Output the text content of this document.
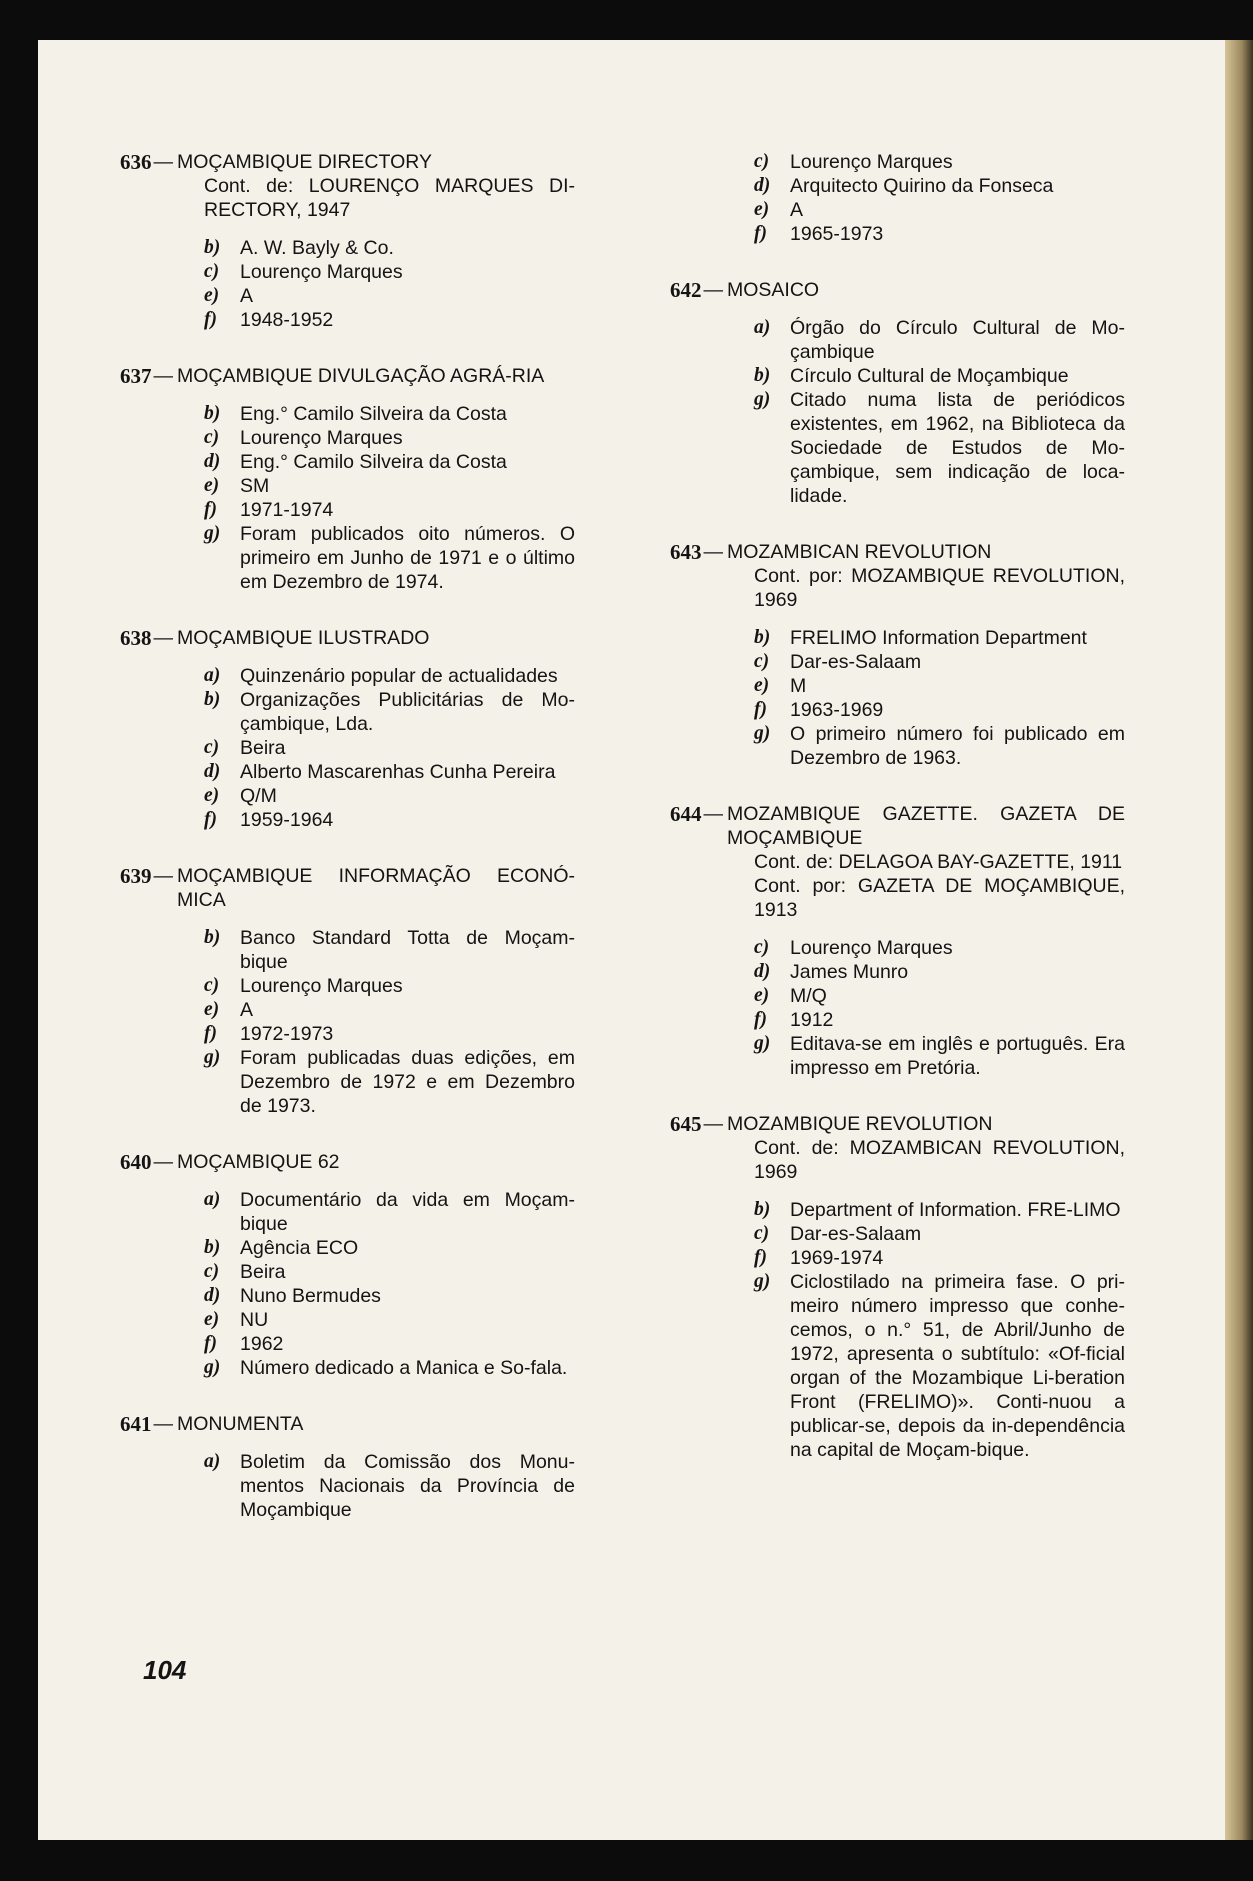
636 — MOÇAMBIQUE DIRECTORY
Cont. de: LOURENÇO MARQUES DI-RECTORY, 1947
b)	A. W. Bayly & Co.
c)	Lourenço Marques
e)	A
f)	1948-1952
637 — MOÇAMBIQUE DIVULGAÇÃO AGRÁ-RIA
b)	Eng.° Camilo Silveira da Costa
c)	Lourenço Marques
d)	Eng.° Camilo Silveira da Costa
e)	SM
f)	1971-1974
g)	Foram publicados oito números. O primeiro em Junho de 1971 e o último em Dezembro de 1974.
638 — MOÇAMBIQUE ILUSTRADO
a)	Quinzenário popular de actualidades
b)	Organizações Publicitárias de Mo-çambique, Lda.
c)	Beira
d)	Alberto Mascarenhas Cunha Pereira
e)	Q/M
f)	1959-1964
639 — MOÇAMBIQUE INFORMAÇÃO ECONÓ-MICA
b)	Banco Standard Totta de Moçam-bique
c)	Lourenço Marques
e)	A
f)	1972-1973
g)	Foram publicadas duas edições, em Dezembro de 1972 e em Dezembro de 1973.
640 — MOÇAMBIQUE 62
a)	Documentário da vida em Moçam-bique
b)	Agência ECO
c)	Beira
d)	Nuno Bermudes
e)	NU
f)	1962
g)	Número dedicado a Manica e So-fala.
641 — MONUMENTA
a)	Boletim da Comissão dos Monu-mentos Nacionais da Província de Moçambique
c)	Lourenço Marques
d)	Arquitecto Quirino da Fonseca
e)	A
f)	1965-1973
642 — MOSAICO
a)	Órgão do Círculo Cultural de Mo-çambique
b)	Círculo Cultural de Moçambique
g)	Citado numa lista de periódicos existentes, em 1962, na Biblioteca da Sociedade de Estudos de Mo-çambique, sem indicação de loca-lidade.
643 — MOZAMBICAN REVOLUTION
Cont. por: MOZAMBIQUE REVOLUTION, 1969
b)	FRELIMO Information Department
c)	Dar-es-Salaam
e)	M
f)	1963-1969
g)	O primeiro número foi publicado em Dezembro de 1963.
644 — MOZAMBIQUE GAZETTE. GAZETA DE MOÇAMBIQUE
Cont. de: DELAGOA BAY-GAZETTE, 1911
Cont. por: GAZETA DE MOÇAMBIQUE, 1913
c)	Lourenço Marques
d)	James Munro
e)	M/Q
f)	1912
g)	Editava-se em inglês e português. Era impresso em Pretória.
645 — MOZAMBIQUE REVOLUTION
Cont. de: MOZAMBICAN REVOLUTION, 1969
b)	Department of Information. FRE-LIMO
c)	Dar-es-Salaam
f)	1969-1974
g)	Ciclostilado na primeira fase. O pri-meiro número impresso que conhe-cemos, o n.° 51, de Abril/Junho de 1972, apresenta o subtítulo: «Of-ficial organ of the Mozambique Li-beration Front (FRELIMO)». Conti-nuou a publicar-se, depois da in-dependência na capital de Moçam-bique.
104
